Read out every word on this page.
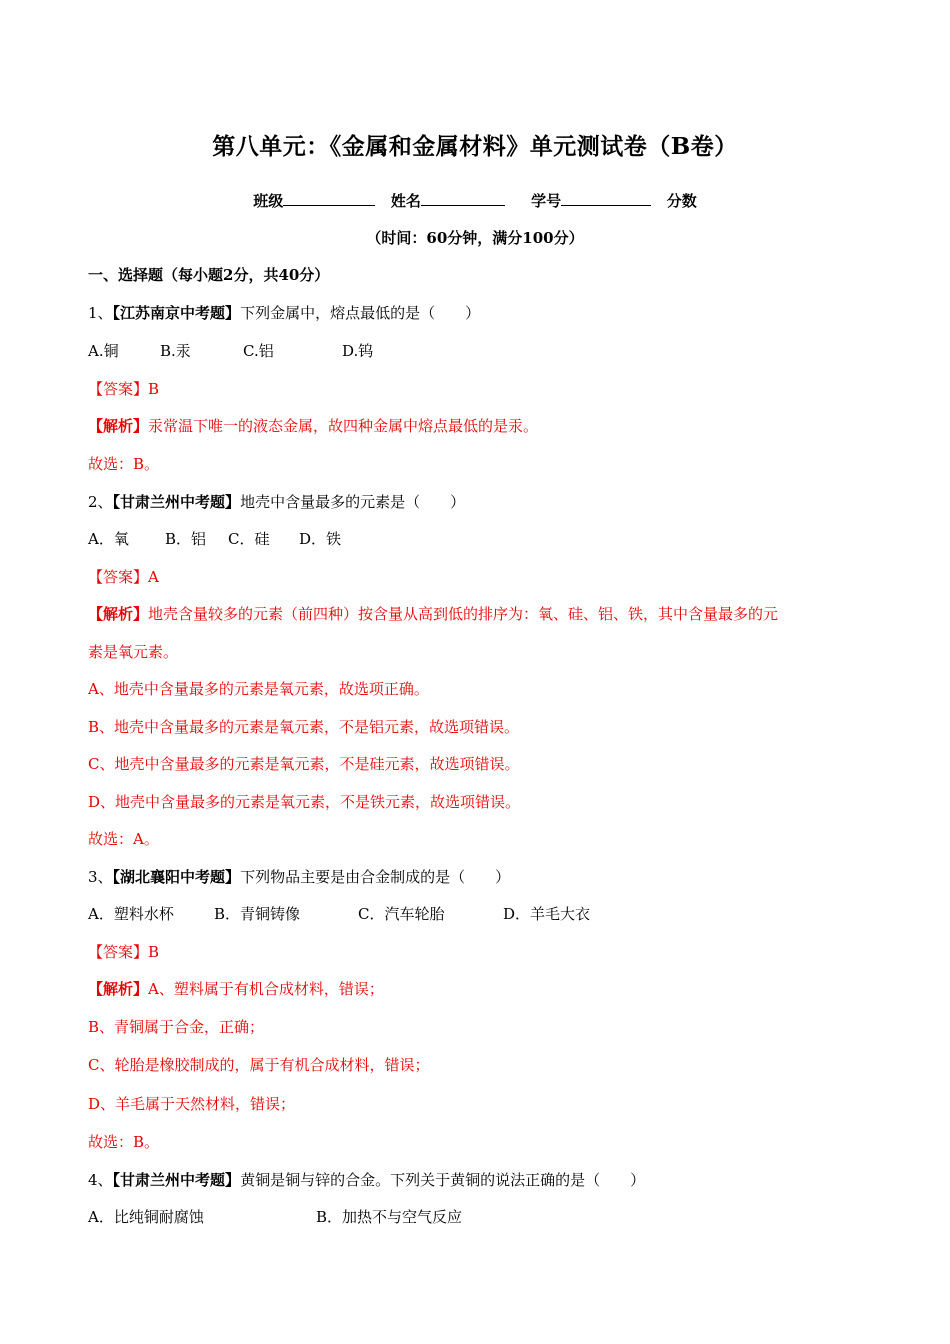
第八单元：《金属和金属材料》单元测试卷（B卷）
班级	姓名	学号	分数
（时间：60分钟，满分100分）
一、选择题（每小题2分，共40分）
1、【江苏南京中考题】下列金属中，熔点最低的是（　　）
A.铜	B.汞	C.铝	D.钨
【答案】B
【解析】汞常温下唯一的液态金属，故四种金属中熔点最低的是汞。
故选：B。
2、【甘肃兰州中考题】地壳中含量最多的元素是（　　）
A．氧 B．铝 C．硅 D．铁
【答案】A
【解析】地壳含量较多的元素（前四种）按含量从高到低的排序为：氧、硅、铝、铁，其中含量最多的元
素是氧元素。
A、地壳中含量最多的元素是氧元素，故选项正确。
B、地壳中含量最多的元素是氧元素，不是铝元素，故选项错误。
C、地壳中含量最多的元素是氧元素，不是硅元素，故选项错误。
D、地壳中含量最多的元素是氧元素，不是铁元素，故选项错误。
故选：A。
3、【湖北襄阳中考题】下列物品主要是由合金制成的是（　　）
A．塑料水杯	B．青铜铸像	C．汽车轮胎	D．羊毛大衣
【答案】B
【解析】A、塑料属于有机合成材料，错误；
B、青铜属于合金，正确；
C、轮胎是橡胶制成的，属于有机合成材料，错误；
D、羊毛属于天然材料，错误；
故选：B。
4、【甘肃兰州中考题】黄铜是铜与锌的合金。下列关于黄铜的说法正确的是（　　）
A．比纯铜耐腐蚀	B．加热不与空气反应
